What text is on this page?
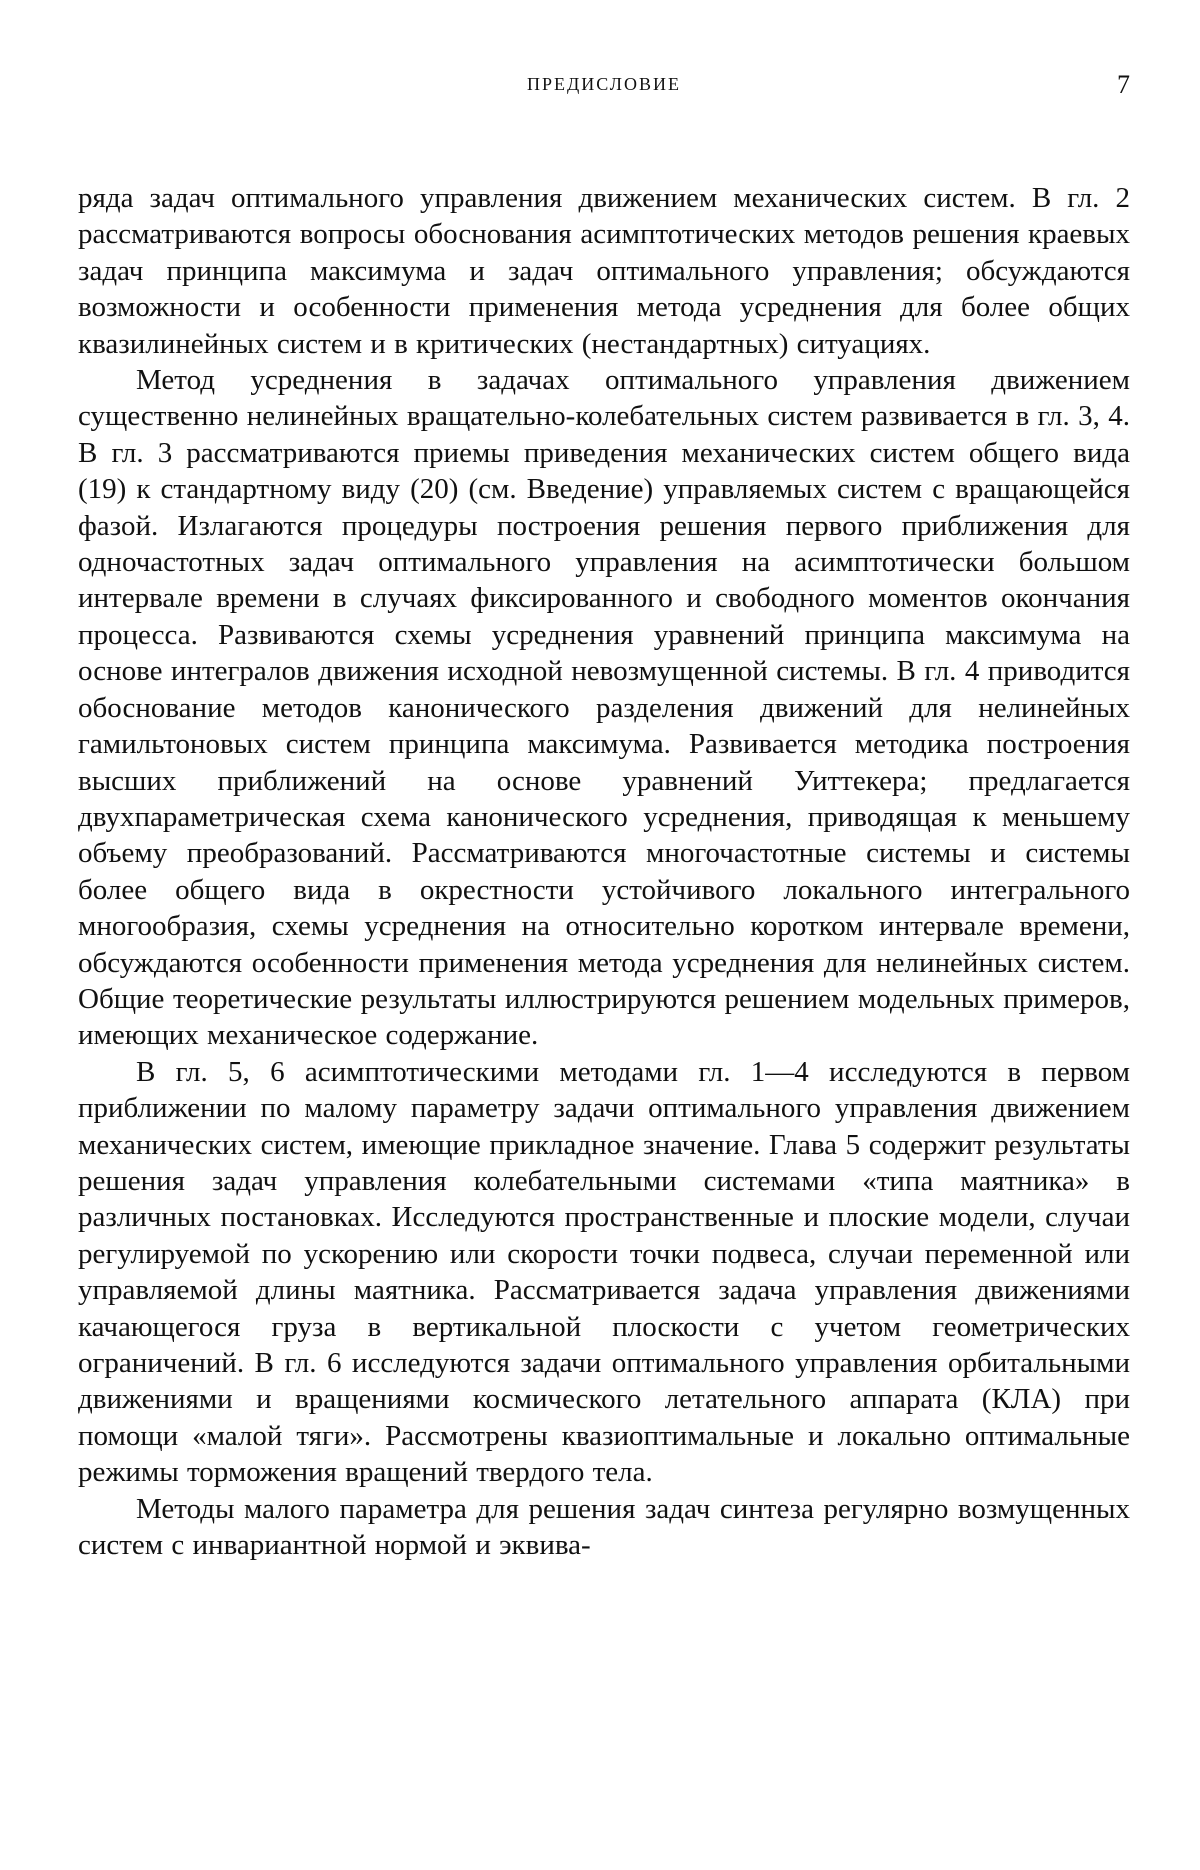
ПРЕДИСЛОВИЕ	7

ряда задач оптимального управления движением механических систем. В гл. 2 рассматриваются вопросы обоснования асимптотических методов решения краевых задач принципа максимума и задач оптимального управления; обсуждаются возможности и особенности применения метода усреднения для более общих квазилинейных систем и в критических (нестандартных) ситуациях.

Метод усреднения в задачах оптимального управления движением существенно нелинейных вращательно-колебательных систем развивается в гл. 3, 4. В гл. 3 рассматриваются приемы приведения механических систем общего вида (19) к стандартному виду (20) (см. Введение) управляемых систем с вращающейся фазой. Излагаются процедуры построения решения первого приближения для одночастотных задач оптимального управления на асимптотически большом интервале времени в случаях фиксированного и свободного моментов окончания процесса. Развиваются схемы усреднения уравнений принципа максимума на основе интегралов движения исходной невозмущенной системы. В гл. 4 приводится обоснование методов канонического разделения движений для нелинейных гамильтоновых систем принципа максимума. Развивается методика построения высших приближений на основе уравнений Уиттекера; предлагается двухпараметрическая схема канонического усреднения, приводящая к меньшему объему преобразований. Рассматриваются многочастотные системы и системы более общего вида в окрестности устойчивого локального интегрального многообразия, схемы усреднения на относительно коротком интервале времени, обсуждаются особенности применения метода усреднения для нелинейных систем. Общие теоретические результаты иллюстрируются решением модельных примеров, имеющих механическое содержание.

В гл. 5, 6 асимптотическими методами гл. 1—4 исследуются в первом приближении по малому параметру задачи оптимального управления движением механических систем, имеющие прикладное значение. Глава 5 содержит результаты решения задач управления колебательными системами «типа маятника» в различных постановках. Исследуются пространственные и плоские модели, случаи регулируемой по ускорению или скорости точки подвеса, случаи переменной или управляемой длины маятника. Рассматривается задача управления движениями качающегося груза в вертикальной плоскости с учетом геометрических ограничений. В гл. 6 исследуются задачи оптимального управления орбитальными движениями и вращениями космического летательного аппарата (КЛА) при помощи «малой тяги». Рассмотрены квазиоптимальные и локально оптимальные режимы торможения вращений твердого тела.

Методы малого параметра для решения задач синтеза регулярно возмущенных систем с инвариантной нормой и эквива-
